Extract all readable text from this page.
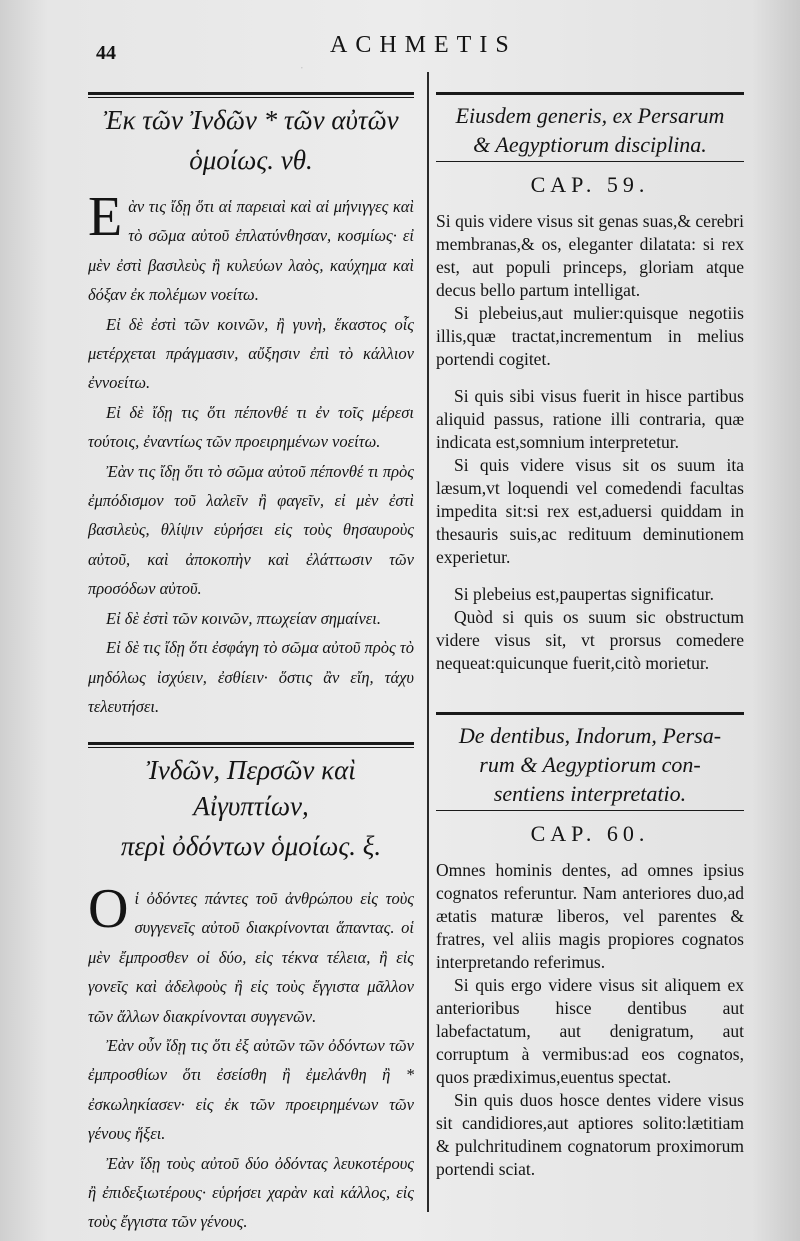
·
44	ACHMETIS
Ἐκ τῶν Ἰνδῶν * τῶν αὐτῶν
ὁμοίως. νθ.

Εὰν τις ἴδῃ ὅτι αἱ παρειαὶ καὶ αἱ μήνιγγες καὶ τὸ σῶμα αὐτοῦ ἐπλατύνθησαν, κοσμίως· εἰ μὲν ἐστὶ βασιλεὺς ἢ κυλεύων λαὸς, καύχημα καὶ δόξαν ἐκ πολέμων νοείτω.

Εἰ δὲ ἐστὶ τῶν κοινῶν, ἢ γυνὴ, ἕκαστος οἷς μετέρχεται πράγμασιν, αὔξησιν ἐπὶ τὸ κάλλιον ἐννοείτω.

Εἰ δὲ ἴδῃ τις ὅτι πέπονθέ τι ἐν τοῖς μέρεσι τούτοις, ἐναντίως τῶν προειρημένων νοείτω.

Ἐὰν τις ἴδῃ ὅτι τὸ σῶμα αὐτοῦ πέπονθέ τι πρὸς ἐμπόδισμον τοῦ λαλεῖν ἢ φαγεῖν, εἰ μὲν ἐστὶ βασιλεὺς, θλίψιν εὑρήσει εἰς τοὺς θησαυροὺς αὐτοῦ, καὶ ἀποκοπὴν καὶ ἐλάττωσιν τῶν προσόδων αὐτοῦ.

Εἰ δὲ ἐστὶ τῶν κοινῶν, πτωχείαν σημαίνει.

Εἰ δὲ τις ἴδῃ ὅτι ἐσφάγη τὸ σῶμα αὐτοῦ πρὸς τὸ μηδόλως ἰσχύειν, ἐσθίειν· ὅστις ἂν εἴη, τάχυ τελευτήσει.

Ἰνδῶν, Περσῶν καὶ Αἰγυπτίων,
περὶ ὀδόντων ὁμοίως. ξ.

Οἱ ὀδόντες πάντες τοῦ ἀνθρώπου εἰς τοὺς συγγενεῖς αὐτοῦ διακρίνονται ἅπαντας. οἱ μὲν ἔμπροσθεν οἱ δύο, εἰς τέκνα τέλεια, ἢ εἰς γονεῖς καὶ ἀδελφοὺς ἢ εἰς τοὺς ἔγγιστα μᾶλλον τῶν ἄλλων διακρίνονται συγγενῶν.

Ἐὰν οὖν ἴδῃ τις ὅτι ἐξ αὐτῶν τῶν ὀδόντων τῶν ἐμπροσθίων ὅτι ἐσείσθη ἢ ἐμελάνθη ἢ * ἐσκωληκίασεν· εἰς ἐκ τῶν προειρημένων τῶν γένους ἥξει.

Ἐὰν ἴδῃ τοὺς αὐτοῦ δύο ὀδόντας λευκοτέρους ἢ ἐπιδεξιωτέρους· εὑρήσει χαρὰν καὶ κάλλος, εἰς τοὺς ἔγγιστα τῶν γένους.

Eiusdem generis, ex Persarum
& Aegyptiorum disciplina.
CAP. 59.

Si quis videre visus sit genas suas,& cerebri membranas,& os, eleganter dilatata: si rex est, aut populi princeps, gloriam atque decus bello partum intelligat.

Si plebeius,aut mulier:quisque negotiis illis,quæ tractat,incrementum in melius portendi cogitet.

Si quis sibi visus fuerit in hisce partibus aliquid passus, ratione illi contraria, quæ indicata est,somnium interpretetur.

Si quis videre visus sit os suum ita læsum,vt loquendi vel comedendi facultas impedita sit:si rex est,aduersi quiddam in thesauris suis,ac redituum deminutionem experietur.

Si plebeius est,paupertas significatur.

Quòd si quis os suum sic obstructum videre visus sit, vt prorsus comedere nequeat:quicunque fuerit,citò morietur.

De dentibus, Indorum, Persa-
rum & Aegyptiorum con-
sentiens interpretatio.
CAP. 60.

Omnes hominis dentes, ad omnes ipsius cognatos referuntur. Nam anteriores duo,ad ætatis maturæ liberos, vel parentes & fratres, vel aliis magis propiores cognatos interpretando referimus.

Si quis ergo videre visus sit aliquem ex anterioribus hisce dentibus aut labefactatum, aut denigratum, aut corruptum à vermibus:ad eos cognatos, quos prædiximus,euentus spectat.

Sin quis duos hosce dentes videre visus sit candidiores,aut aptiores solito:lætitiam & pulchritudinem cognatorum proximorum portendi sciat.
